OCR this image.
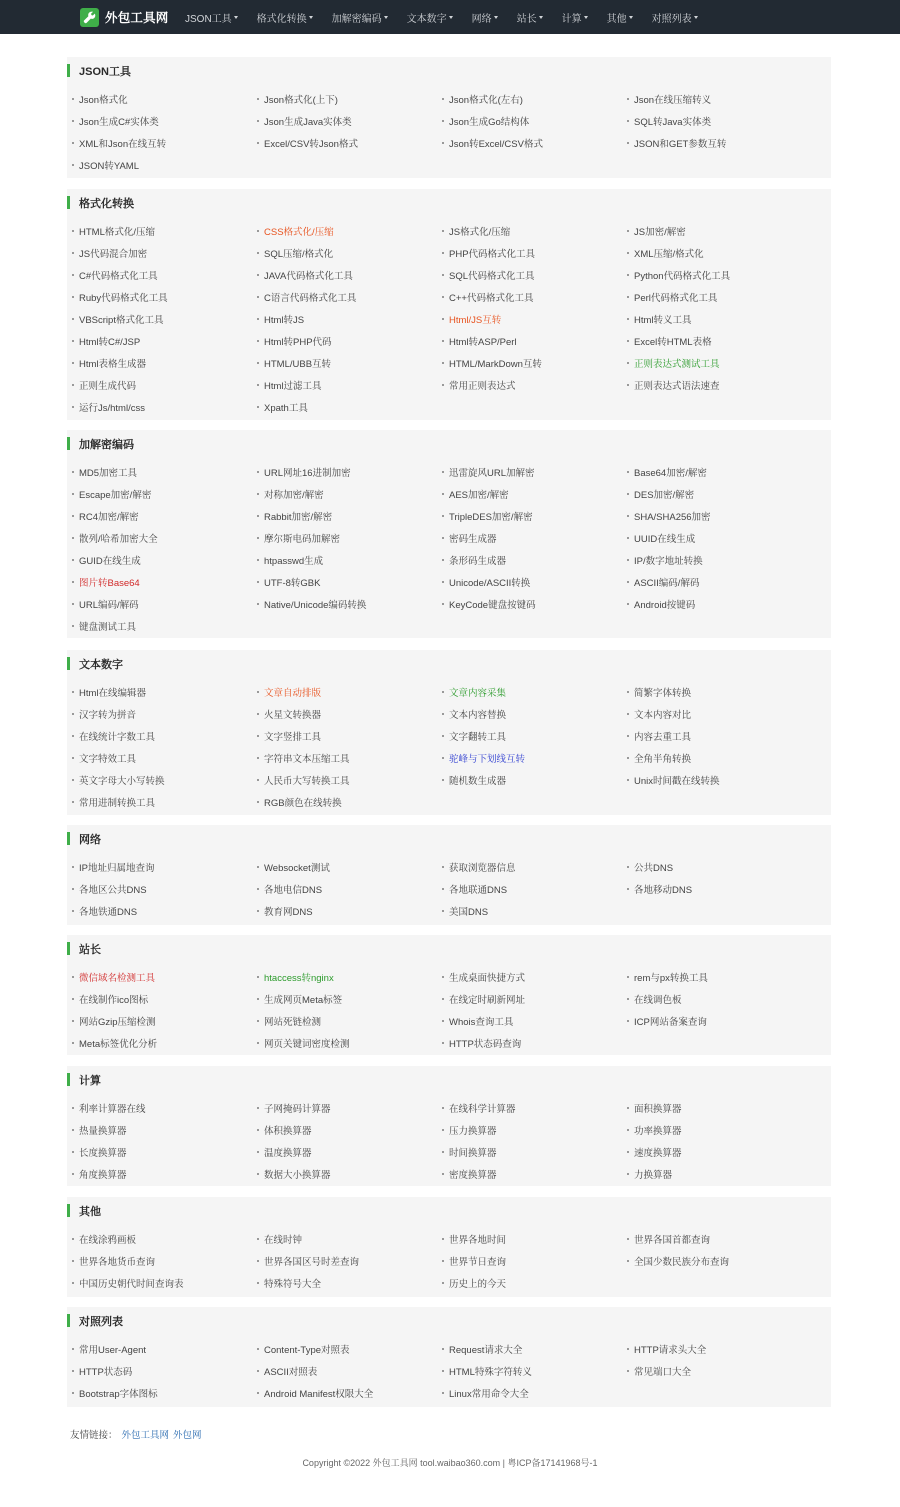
外包工具网 JSON工具	格式化转换	加解密编码	文本数字	网络	站长	计算	其他	对照列表
JSON工具
Json格式化	Json格式化(上下)	Json格式化(左右)	Json在线压缩转义
Json生成C#实体类	Json生成Java实体类	Json生成Go结构体	SQL转Java实体类
XML和Json在线互转	Excel/CSV转Json格式	Json转Excel/CSV格式	JSON和GET参数互转
JSON转YAML
格式化转换
HTML格式化/压缩	CSS格式化/压缩	JS格式化/压缩	JS加密/解密
JS代码混合加密	SQL压缩/格式化	PHP代码格式化工具	XML压缩/格式化
C#代码格式化工具	JAVA代码格式化工具	SQL代码格式化工具	Python代码格式化工具
Ruby代码格式化工具	C语言代码格式化工具	C++代码格式化工具	Perl代码格式化工具
VBScript格式化工具	Html转JS	Html/JS互转	Html转义工具
Html转C#/JSP	Html转PHP代码	Html转ASP/Perl	Excel转HTML表格
Html表格生成器	HTML/UBB互转	HTML/MarkDown互转	正则表达式测试工具
正则生成代码	Html过滤工具	常用正则表达式	正则表达式语法速查
运行Js/html/css	Xpath工具
加解密编码
MD5加密工具	URL网址16进制加密	迅雷旋风URL加解密	Base64加密/解密
Escape加密/解密	对称加密/解密	AES加密/解密	DES加密/解密
RC4加密/解密	Rabbit加密/解密	TripleDES加密/解密	SHA/SHA256加密
散列/哈希加密大全	摩尔斯电码加解密	密码生成器	UUID在线生成
GUID在线生成	htpasswd生成	条形码生成器	IP/数字地址转换
图片转Base64	UTF-8转GBK	Unicode/ASCII转换	ASCII编码/解码
URL编码/解码	Native/Unicode编码转换	KeyCode键盘按键码	Android按键码
键盘测试工具
文本数字
Html在线编辑器	文章自动排版	文章内容采集	简繁字体转换
汉字转为拼音	火星文转换器	文本内容替换	文本内容对比
在线统计字数工具	文字竖排工具	文字翻转工具	内容去重工具
文字特效工具	字符串文本压缩工具	驼峰与下划线互转	全角半角转换
英文字母大小写转换	人民币大写转换工具	随机数生成器	Unix时间戳在线转换
常用进制转换工具	RGB颜色在线转换
网络
IP地址归属地查询	Websocket测试	获取浏览器信息	公共DNS
各地区公共DNS	各地电信DNS	各地联通DNS	各地移动DNS
各地铁通DNS	教育网DNS	美国DNS
站长
微信域名检测工具	htaccess转nginx	生成桌面快捷方式	rem与px转换工具
在线制作ico图标	生成网页Meta标签	在线定时刷新网址	在线调色板
网站Gzip压缩检测	网站死链检测	Whois查询工具	ICP网站备案查询
Meta标签优化分析	网页关键词密度检测	HTTP状态码查询
计算
利率计算器在线	子网掩码计算器	在线科学计算器	面积换算器
热量换算器	体积换算器	压力换算器	功率换算器
长度换算器	温度换算器	时间换算器	速度换算器
角度换算器	数据大小换算器	密度换算器	力换算器
其他
在线涂鸦画板	在线时钟	世界各地时间	世界各国首都查询
世界各地货币查询	世界各国区号时差查询	世界节日查询	全国少数民族分布查询
中国历史朝代时间查询表	特殊符号大全	历史上的今天
对照列表
常用User-Agent	Content-Type对照表	Request请求大全	HTTP请求头大全
HTTP状态码	ASCII对照表	HTML特殊字符转义	常见端口大全
Bootstrap字体图标	Android Manifest权限大全	Linux常用命令大全
友情链接： 外包工具网 外包网
Copyright ©2022 外包工具网 tool.waibao360.com | 粤ICP备17141968号-1
